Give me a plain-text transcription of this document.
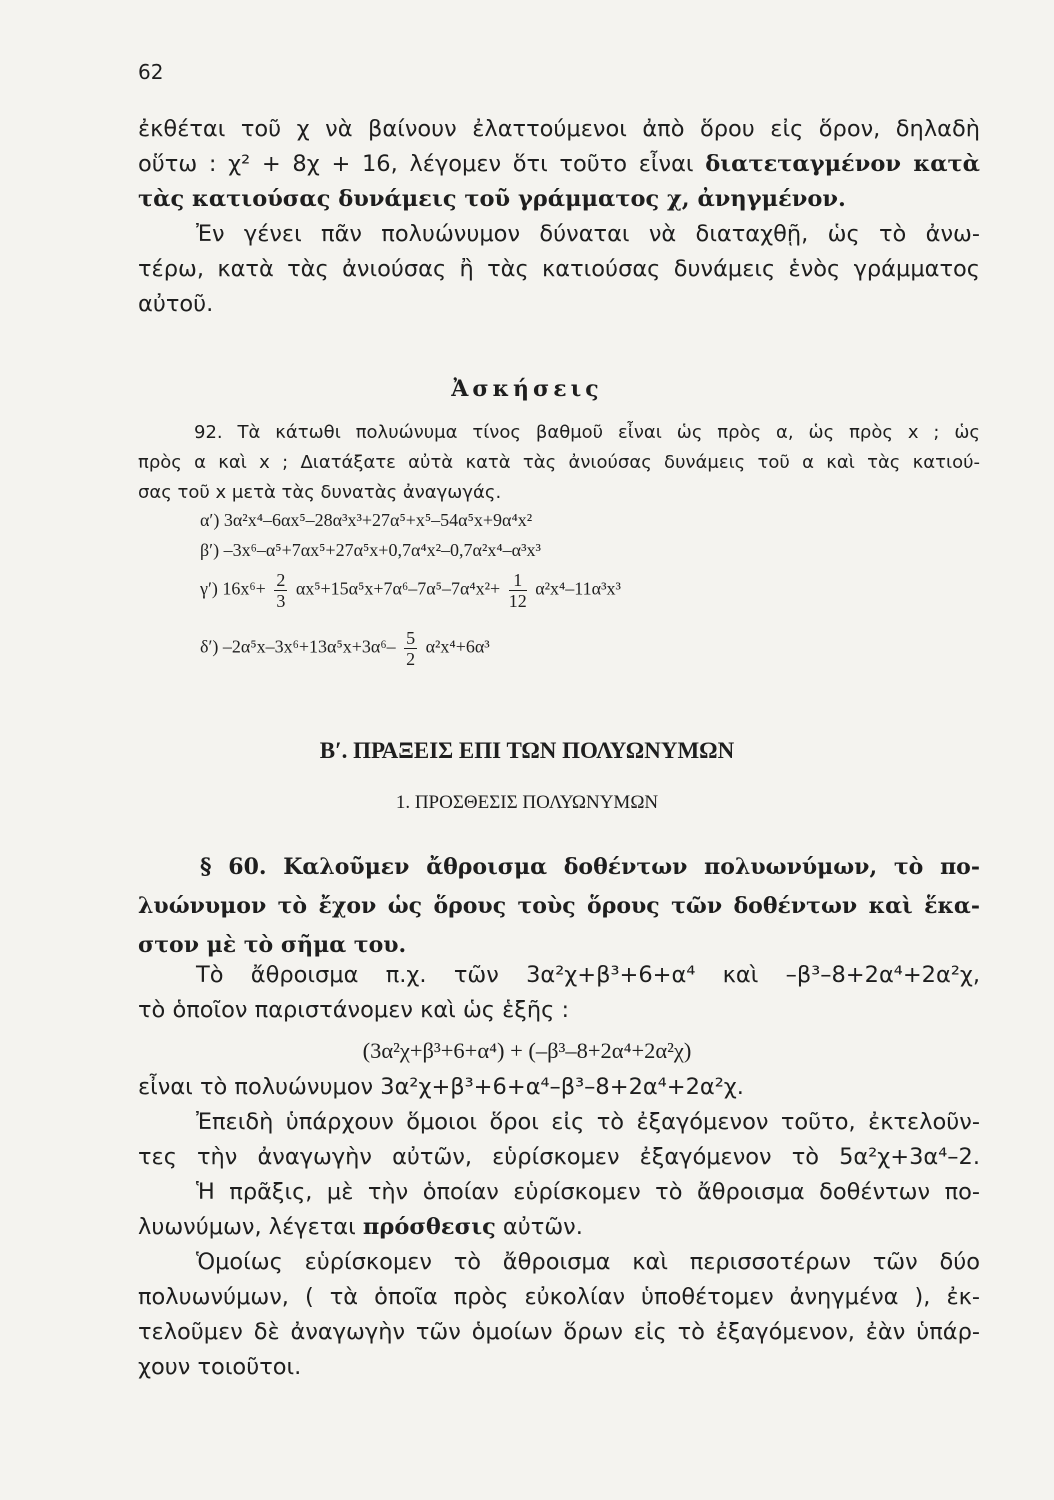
62
ἐκθέται τοῦ χ νὰ βαίνουν ἐλαττούμενοι ἀπὸ ὅρου εἰς ὅρον, δηλαδὴ
οὕτω : χ² + 8χ + 16, λέγομεν ὅτι τοῦτο εἶναι διατεταγμένον κατὰ
τὰς κατιούσας δυνάμεις τοῦ γράμματος χ, ἀνηγμένον.
Ἐν γένει πᾶν πολυώνυμον δύναται νὰ διαταχθῇ, ὡς τὸ ἀνω-
τέρω, κατὰ τὰς ἀνιούσας ἢ τὰς κατιούσας δυνάμεις ἑνὸς γράμματος
αὐτοῦ.
Ἀσκήσεις
92. Τὰ κάτωθι πολυώνυμα τίνος βαθμοῦ εἶναι ὡς πρὸς α, ὡς πρὸς x ; ὡς
πρὸς α καὶ x ; Διατάξατε αὐτὰ κατὰ τὰς ἀνιούσας δυνάμεις τοῦ α καὶ τὰς κατιού-
σας τοῦ x μετὰ τὰς δυνατὰς ἀναγωγάς.
α′) 3α²x⁴–6αx⁵–28α³x³+27α⁵+x⁵–54α⁵x+9α⁴x²
β′) –3x⁶–α⁵+7αx⁵+27α⁵x+0,7α⁴x²–0,7α²x⁴–α³x³
γ′) $16x^6+ \frac{2}{3} \alpha x^5+15\alpha^5x+7\alpha^6-7\alpha^5-7\alpha^4x^2+ \frac{1}{12} \alpha^2x^4-11\alpha^3x^3$
δ′) $-2\alpha^5x-3x^6+13\alpha^5x+3\alpha^6- \frac{5}{2} \alpha^2x^4+6\alpha^3$
Β′. ΠΡΑΞΕΙΣ ΕΠΙ ΤΩΝ ΠΟΛΥΩΝΥΜΩΝ
1. ΠΡΟΣΘΕΣΙΣ ΠΟΛΥΩΝΥΜΩΝ
§ 60. Καλοῦμεν ἄθροισμα δοθέντων πολυωνύμων, τὸ πο-
λυώνυμον τὸ ἔχον ὡς ὅρους τοὺς ὅρους τῶν δοθέντων καὶ ἕκα-
στον μὲ τὸ σῆμα του.
Τὸ ἄθροισμα π.χ. τῶν 3α²χ+β³+6+α⁴ καὶ –β³–8+2α⁴+2α²χ,
τὸ ὁποῖον παριστάνομεν καὶ ὡς ἑξῆς :
(3α²χ+β³+6+α⁴) + (–β³–8+2α⁴+2α²χ)
εἶναι τὸ πολυώνυμον 3α²χ+β³+6+α⁴–β³–8+2α⁴+2α²χ.
Ἐπειδὴ ὑπάρχουν ὅμοιοι ὅροι εἰς τὸ ἐξαγόμενον τοῦτο, ἐκτελοῦν-
τες τὴν ἀναγωγὴν αὐτῶν, εὑρίσκομεν ἐξαγόμενον τὸ 5α²χ+3α⁴–2.
Ἡ πρᾶξις, μὲ τὴν ὁποίαν εὑρίσκομεν τὸ ἄθροισμα δοθέντων πο-
λυωνύμων, λέγεται πρόσθεσις αὐτῶν.
Ὁμοίως εὑρίσκομεν τὸ ἄθροισμα καὶ περισσοτέρων τῶν δύο
πολυωνύμων, ( τὰ ὁποῖα πρὸς εὐκολίαν ὑποθέτομεν ἀνηγμένα ), ἐκ-
τελοῦμεν δὲ ἀναγωγὴν τῶν ὁμοίων ὅρων εἰς τὸ ἐξαγόμενον, ἐὰν ὑπάρ-
χουν τοιοῦτοι.
